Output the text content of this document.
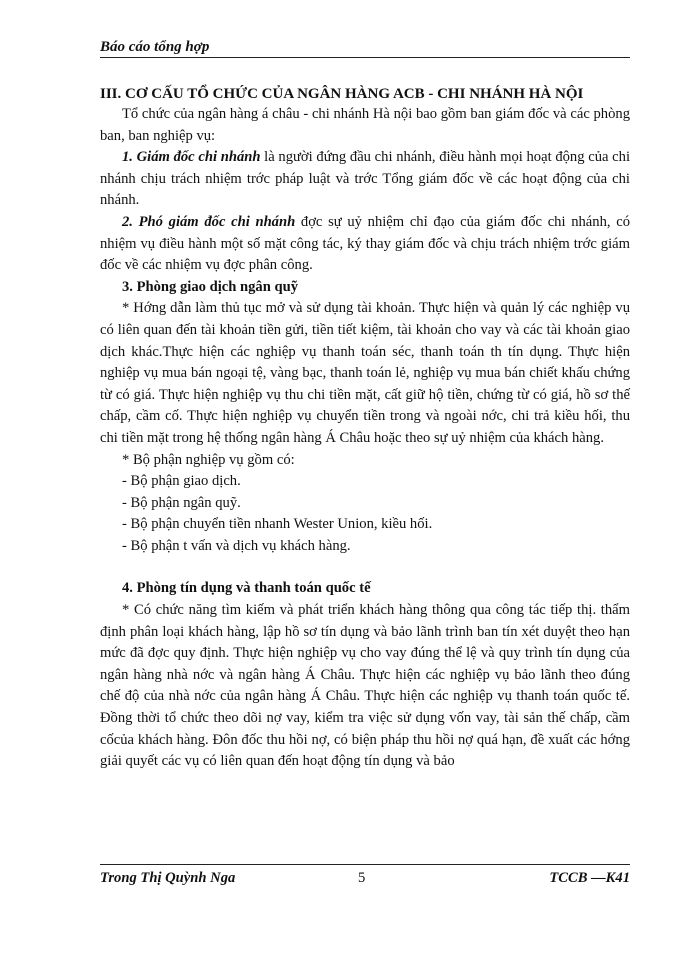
Báo cáo tổng hợp

III. CƠ CẤU TỔ CHỨC CỦA NGÂN HÀNG ACB - CHI NHÁNH HÀ NỘI

Tổ chức của ngân hàng á châu - chi nhánh Hà nội bao gồm ban giám đốc và các phòng ban, ban nghiệp vụ:

1. Giám đốc chi nhánh là người đứng đầu chi nhánh, điều hành mọi hoạt động của chi nhánh chịu trách nhiệm trớc pháp luật và trớc Tổng giám đốc về các hoạt động của chi nhánh.

2. Phó giám đốc chi nhánh đợc sự uỷ nhiệm chỉ đạo của giám đốc chi nhánh, có nhiệm vụ điều hành một số mặt công tác, ký thay giám đốc và chịu trách nhiệm trớc giám đốc về các nhiệm vụ đợc phân công.

3. Phòng giao dịch ngân quỹ

* Hớng dẫn làm thủ tục mở và sử dụng tài khoản. Thực hiện và quản lý các nghiệp vụ có liên quan đến tài khoản tiền gửi, tiền tiết kiệm, tài khoản cho vay và các tài khoản giao dịch khác.Thực hiện các nghiệp vụ thanh toán séc, thanh toán th tín dụng. Thực hiện nghiệp vụ mua bán ngoại tệ, vàng bạc, thanh toán lẻ, nghiệp vụ mua bán chiết khấu chứng từ có giá. Thực hiện nghiệp vụ thu chi tiền mặt, cất giữ hộ tiền, chứng từ có giá, hồ sơ thế chấp, cầm cố. Thực hiện nghiệp vụ chuyển tiền trong và ngoài nớc, chi trả kiều hối, thu chi tiền mặt trong hệ thống ngân hàng Á Châu hoặc theo sự uỷ nhiệm của khách hàng.

* Bộ phận nghiệp vụ gồm có:

- Bộ phận giao dịch.

- Bộ phận ngân quỹ.

- Bộ phận chuyển tiền nhanh Wester Union, kiều hối.

- Bộ phận t vấn và dịch vụ khách hàng.

4. Phòng tín dụng và thanh toán quốc tế

* Có chức năng tìm kiếm và phát triển khách hàng thông qua công tác tiếp thị. thẩm định phân loại khách hàng, lập hồ sơ tín dụng và bảo lãnh trình ban tín xét duyệt theo hạn mức đã đợc quy định. Thực hiện nghiệp vụ cho vay đúng thể lệ và quy trình tín dụng của ngân hàng nhà nớc và ngân hàng Á Châu. Thực hiện các nghiệp vụ bảo lãnh theo đúng chế độ của nhà nớc của ngân hàng Á Châu. Thực hiện các nghiệp vụ thanh toán quốc tế. Đồng thời tổ chức theo dõi nợ vay, kiểm tra việc sử dụng vốn vay, tài sản thế chấp, cầm cốcủa khách hàng. Đôn đốc thu hồi nợ, có biện pháp thu hồi nợ quá hạn, đề xuất các hớng giải quyết các vụ có liên quan đến hoạt động tín dụng và bảo

Trong Thị Quỳnh Nga	5	TCCB —K41
